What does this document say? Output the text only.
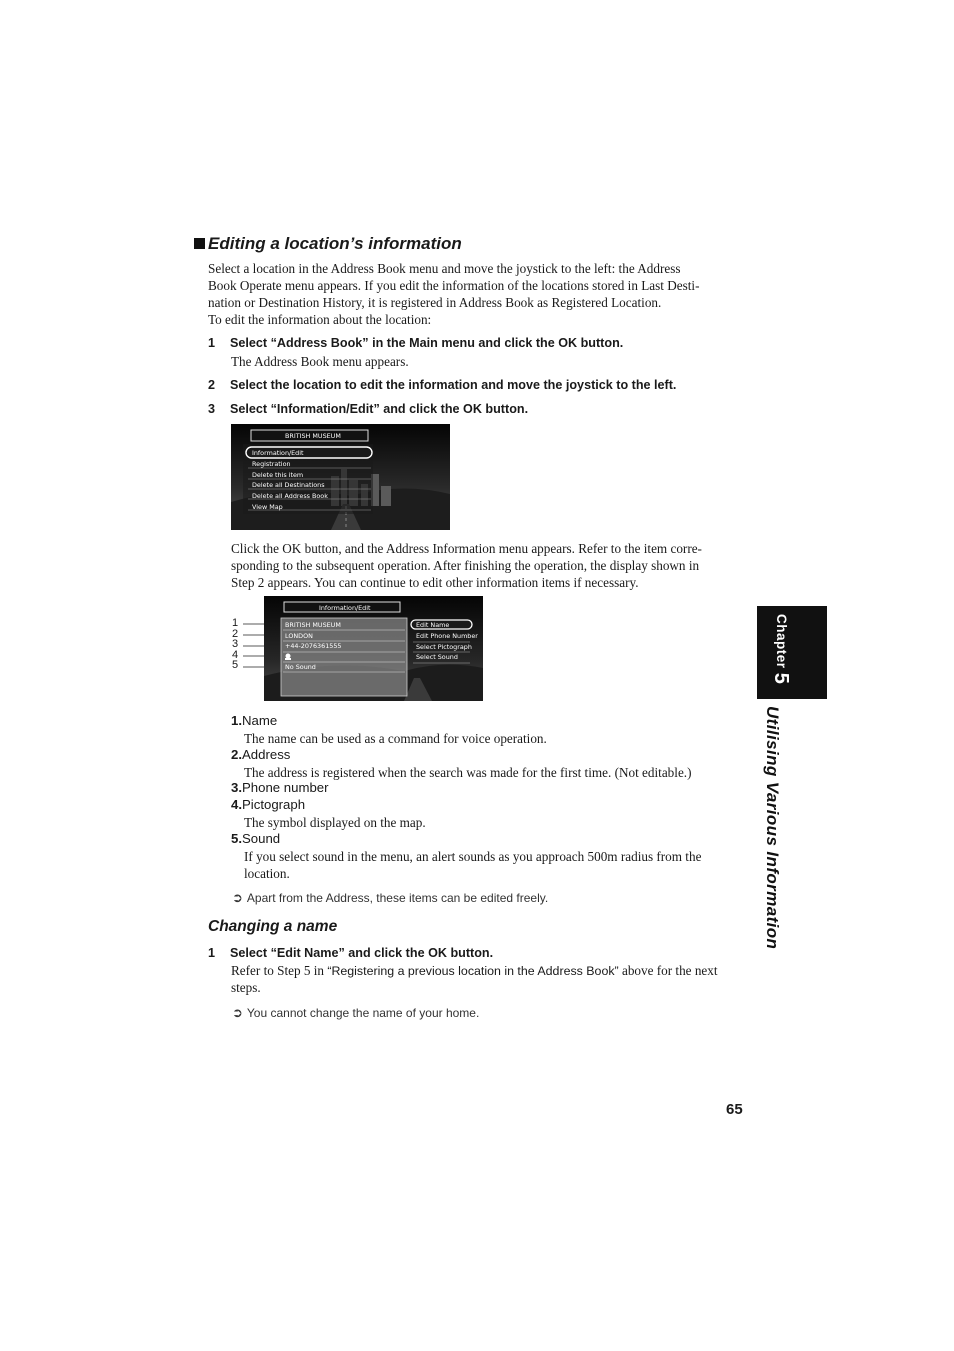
Editing a location’s information
Select a location in the Address Book menu and move the joystick to the left: the Address
Book Operate menu appears. If you edit the information of the locations stored in Last Desti-
nation or Destination History, it is registered in Address Book as Registered Location.
To edit the information about the location:
1 Select “Address Book” in the Main menu and click the OK button.
The Address Book menu appears.
2 Select the location to edit the information and move the joystick to the left.
3 Select “Information/Edit” and click the OK button.
BRITISH MUSEUM
Information/Edit
Registration
Delete this item
Delete all Destinations
Delete all Address Book
View Map
Click the OK button, and the Address Information menu appears. Refer to the item corre-
sponding to the subsequent operation. After finishing the operation, the display shown in
Step 2 appears. You can continue to edit other information items if necessary.
1
2
3
4
5
Information/Edit
BRITISH MUSEUM
LONDON
+44-2076361555
No Sound
Edit Name
Edit Phone Number
Select Pictograph
Select Sound
1.Name
The name can be used as a command for voice operation.
2.Address
The address is registered when the search was made for the first time. (Not editable.)
3.Phone number
4.Pictograph
The symbol displayed on the map.
5.Sound
If you select sound in the menu, an alert sounds as you approach 500m radius from the
location.
➲ Apart from the Address, these items can be edited freely.
Changing a name
1 Select “Edit Name” and click the OK button.
Refer to Step 5 in “Registering a previous location in the Address Book” above for the next
steps.
➲ You cannot change the name of your home.
Chapter 5
Utilising Various Information
65
